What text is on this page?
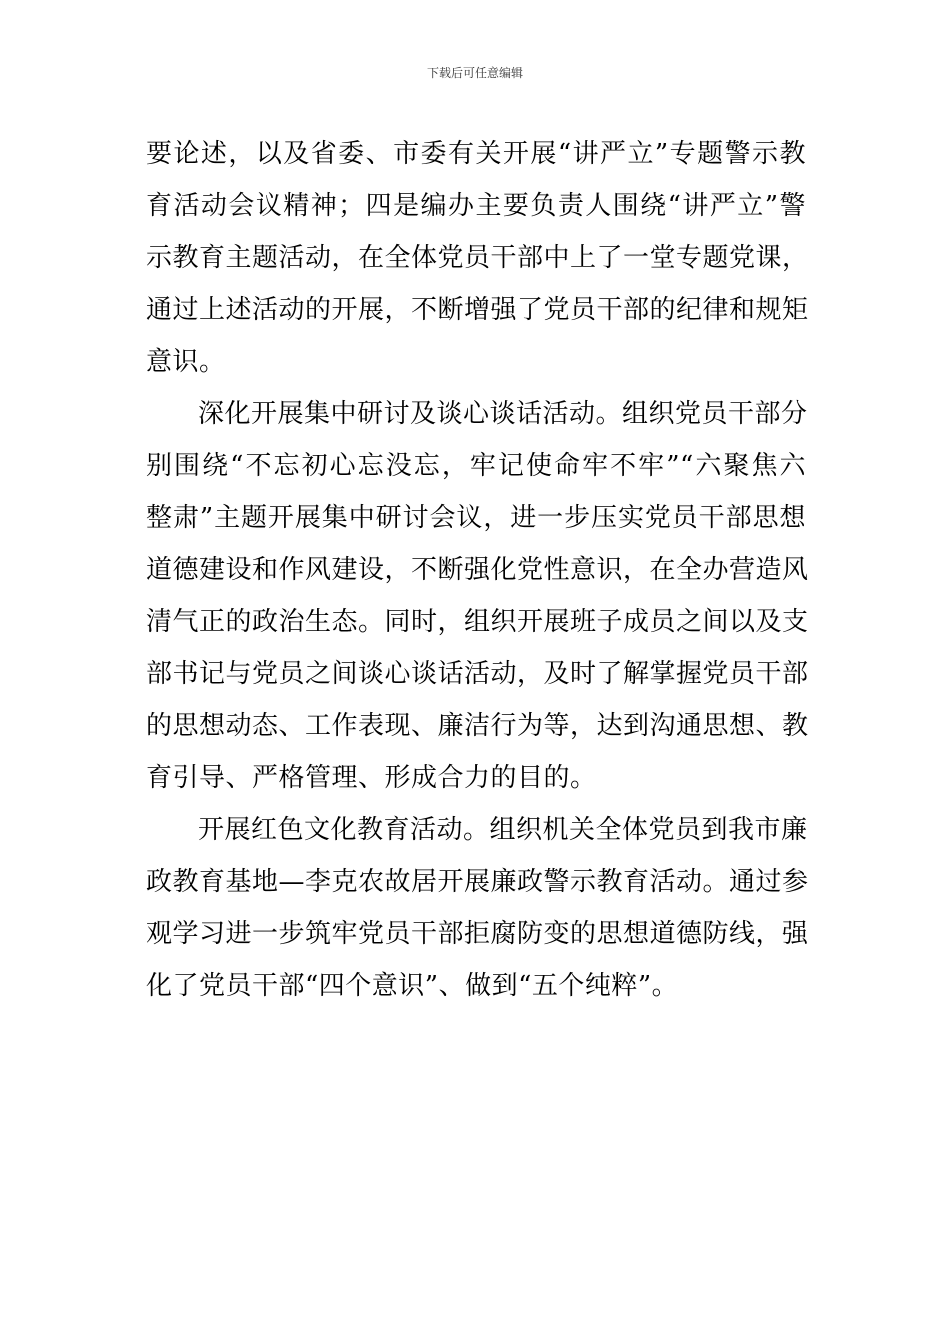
下载后可任意编辑
要论述，以及省委、市委有关开展“讲严立”专题警示教
育活动会议精神；四是编办主要负责人围绕“讲严立”警
示教育主题活动，在全体党员干部中上了一堂专题党课，
通过上述活动的开展，不断增强了党员干部的纪律和规矩
意识。
深化开展集中研讨及谈心谈话活动。组织党员干部分
别围绕“不忘初心忘没忘，牢记使命牢不牢”“六聚焦六
整肃”主题开展集中研讨会议，进一步压实党员干部思想
道德建设和作风建设，不断强化党性意识，在全办营造风
清气正的政治生态。同时，组织开展班子成员之间以及支
部书记与党员之间谈心谈话活动，及时了解掌握党员干部
的思想动态、工作表现、廉洁行为等，达到沟通思想、教
育引导、严格管理、形成合力的目的。
开展红色文化教育活动。组织机关全体党员到我市廉
政教育基地—李克农故居开展廉政警示教育活动。通过参
观学习进一步筑牢党员干部拒腐防变的思想道德防线，强
化了党员干部“四个意识”、做到“五个纯粹”。
